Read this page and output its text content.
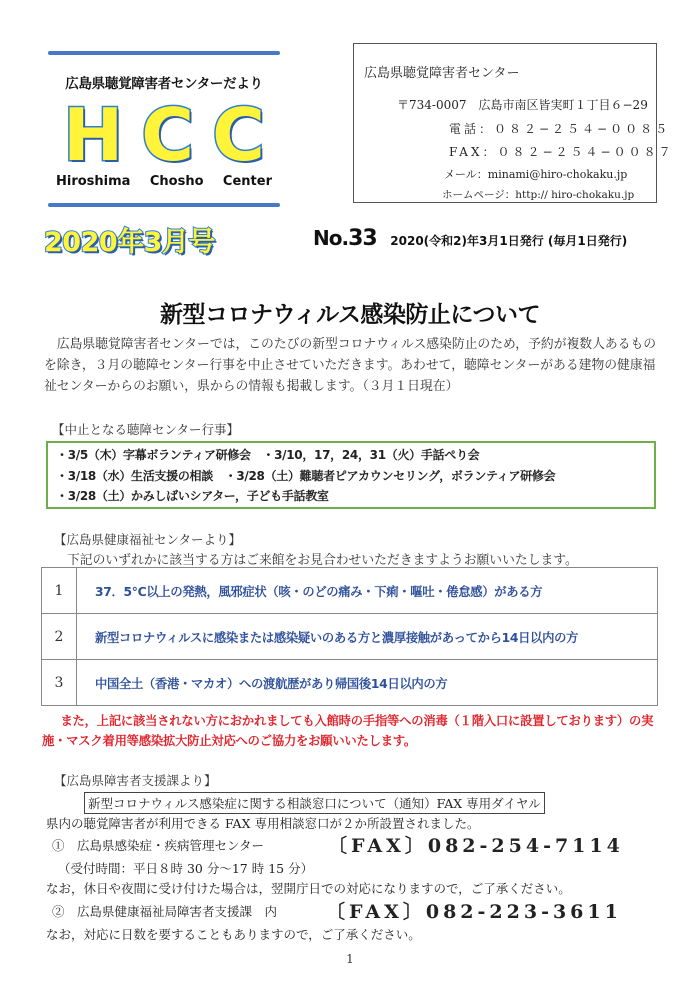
広島県聴覚障害者センターだより
H C C
Hiroshima Chosho Center
2020年3月号
広島県聴覚障害者センター
〒734-0007　広島市南区皆実町１丁目６−29
電話：０８２−２５４−００８５
FAX：０８２−２５４−００８７
メール：minami@hiro-chokaku.jp
ホームページ：http:// hiro-chokaku.jp
No.33 2020(令和2)年3月1日発行 (毎月1日発行)
新型コロナウィルス感染防止について

広島県聴覚障害者センターでは，このたびの新型コロナウィルス感染防止のため，予約が複数人あるものを除き，３月の聴障センター行事を中止させていただきます。あわせて，聴障センターがある建物の健康福祉センターからのお願い，県からの情報も掲載します。（３月１日現在）

【中止となる聴障センター行事】
・3/5（木）字幕ボランティア研修会　・3/10，17，24，31（火）手話ぺり会
・3/18（水）生活支援の相談　・3/28（土）難聴者ピアカウンセリング，ボランティア研修会
・3/28（土）かみしばいシアター，子ども手話教室
【広島県健康福祉センターより】
下記のいずれかに該当する方はご来館をお見合わせいただきますようお願いいたします。
1	37．5℃以上の発熱，風邪症状（咳・のどの痛み・下痢・嘔吐・倦怠感）がある方
2	新型コロナウィルスに感染または感染疑いのある方と濃厚接触があってから14日以内の方
3	中国全土（香港・マカオ）への渡航歴があり帰国後14日以内の方

また，上記に該当されない方におかれましても入館時の手指等への消毒（１階入口に設置しております）の実施・マスク着用等感染拡大防止対応へのご協力をお願いいたします。

【広島県障害者支援課より】
新型コロナウィルス感染症に関する相談窓口について（通知）FAX 専用ダイヤル
県内の聴覚障害者が利用できる FAX 専用相談窓口が２か所設置されました。
①　広島県感染症・疾病管理センター	〔FAX〕082-254-7114
（受付時間：平日８時 30 分〜17 時 15 分）
なお，休日や夜間に受け付けた場合は，翌開庁日での対応になりますので，ご了承ください。
②　広島県健康福祉局障害者支援課　内	〔FAX〕082-223-3611
なお，対応に日数を要することもありますので，ご了承ください。
1
